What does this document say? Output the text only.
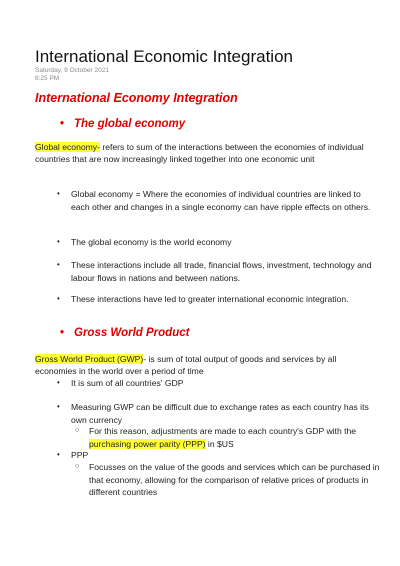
International Economic Integration
Saturday, 9 October 2021
6:25 PM
International Economy Integration
• The global economy
Global economy- refers to sum of the interactions between the economies of individual countries that are now increasingly linked together into one economic unit
•	Global economy = Where the economies of individual countries are linked to each other and changes in a single economy can have ripple effects on others.
•	The global economy is the world economy
•	These interactions include all trade, financial flows, investment, technology and labour flows in nations and between nations.
•	These interactions have led to greater international economic integration.
• Gross World Product
Gross World Product (GWP)- is sum of total output of goods and services by all economies in the world over a period of time
•	It is sum of all countries' GDP
•	Measuring GWP can be difficult due to exchange rates as each country has its own currency
○	For this reason, adjustments are made to each country's GDP with the purchasing power parity (PPP) in $US
•	PPP
○	Focusses on the value of the goods and services which can be purchased in that economy, allowing for the comparison of relative prices of products in different countries
